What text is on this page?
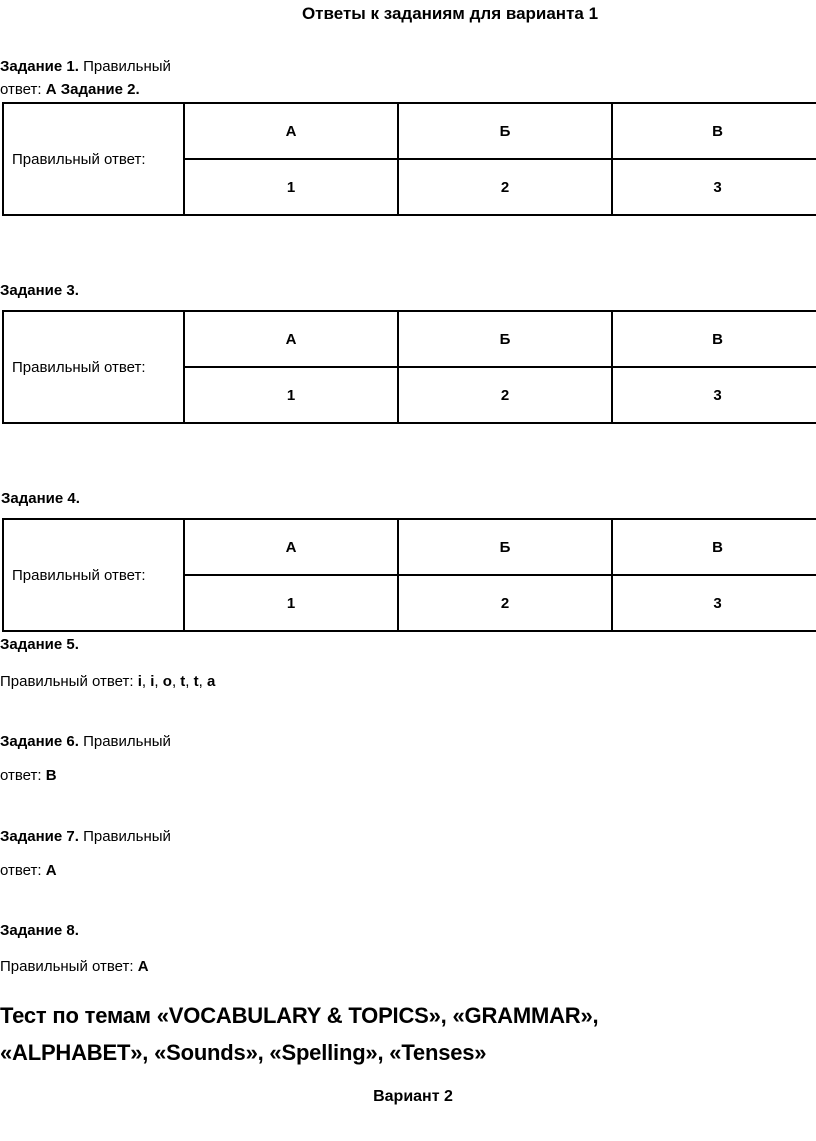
Ответы к заданиям для варианта 1
Задание 1. Правильный
ответ: А Задание 2.
Правильный ответ:	А	Б	В
	1	2	3
Задание 3.
Правильный ответ:	А	Б	В
	1	2	3
Задание 4.
Правильный ответ:	А	Б	В
	1	2	3
Задание 5.
Правильный ответ: i, i, o, t, t, a
Задание 6. Правильный
ответ: В
Задание 7. Правильный
ответ: А
Задание 8.
Правильный ответ: А
Тест по темам «VOCABULARY & TOPICS», «GRAMMAR»,
«ALPHABET», «Sounds», «Spelling», «Tenses»
Вариант 2
